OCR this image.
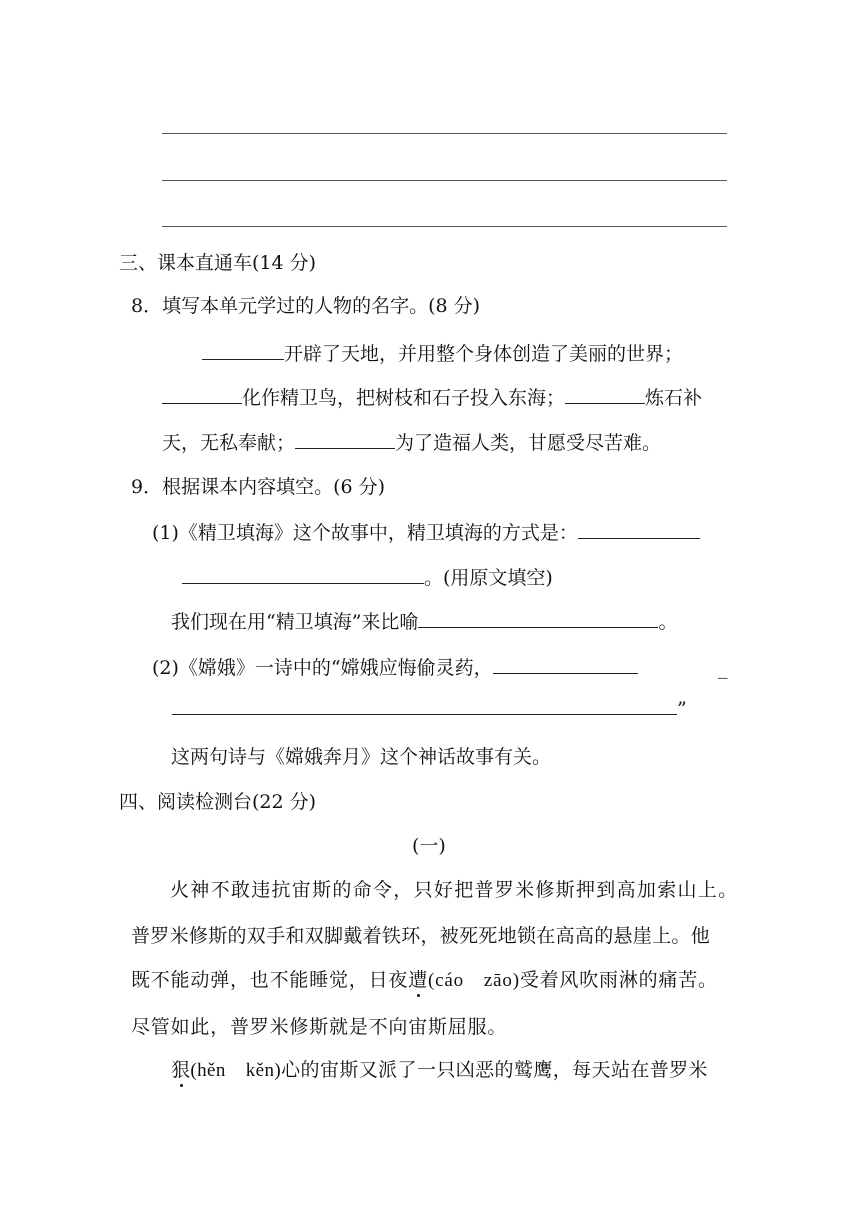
三、课本直通车(14 分)
8．填写本单元学过的人物的名字。(8 分)
开辟了天地，并用整个身体创造了美丽的世界；
化作精卫鸟，把树枝和石子投入东海；	炼石补
天，无私奉献；	为了造福人类，甘愿受尽苦难。
9．根据课本内容填空。(6 分)
(1)《精卫填海》这个故事中，精卫填海的方式是：
。(用原文填空)
我们现在用“精卫填海”来比喻	。
(2)《嫦娥》一诗中的“嫦娥应悔偷灵药，	_
”
这两句诗与《嫦娥奔月》这个神话故事有关。
四、阅读检测台(22 分)
(一)
火神不敢违抗宙斯的命令，只好把普罗米修斯押到高加索山上。
普罗米修斯的双手和双脚戴着铁环，被死死地锁在高高的悬崖上。他
既不能动弹，也不能睡觉，日夜遭(cáo zāo)受着风吹雨淋的痛苦。
尽管如此，普罗米修斯就是不向宙斯屈服。
狠(hěn kěn)心的宙斯又派了一只凶恶的鹫鹰，每天站在普罗米
